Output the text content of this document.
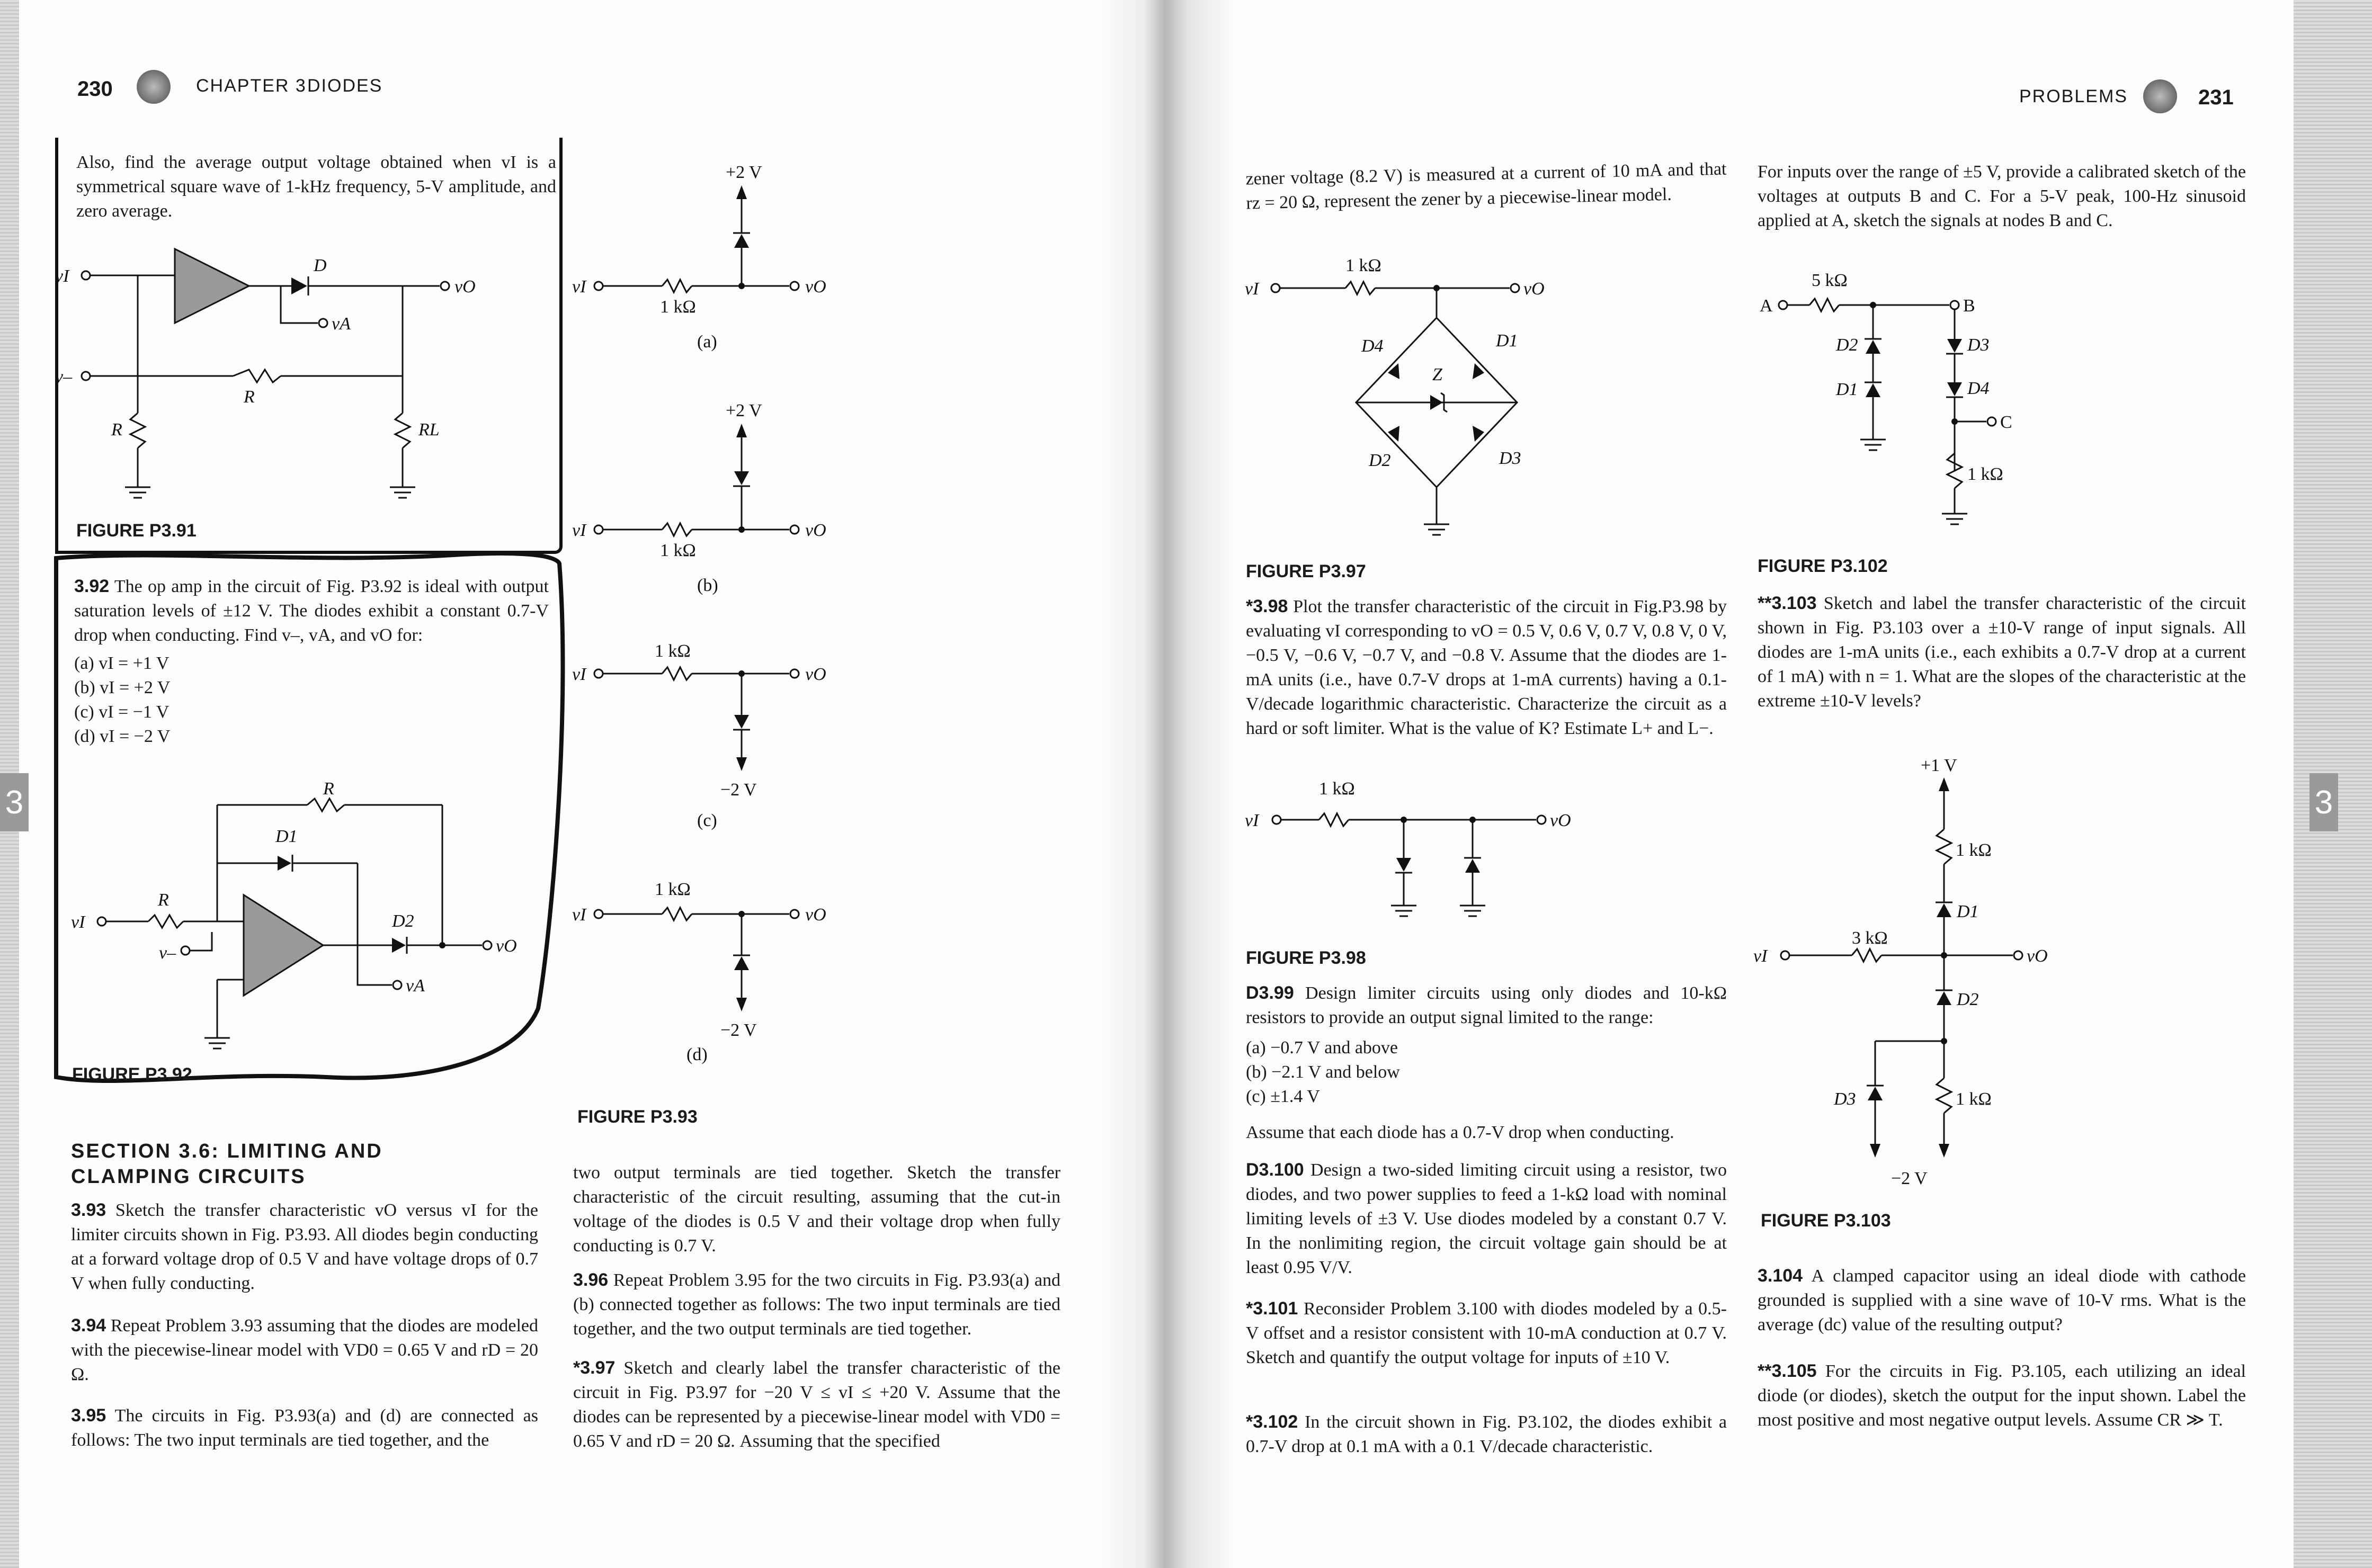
3	3
230	CHAPTER 3 DIODES
Also, find the average output voltage obtained when vI is a symmetrical square wave of 1-kHz frequency, 5-V amplitude, and zero average.
vI
D
vO
vA
v–
R
RL
R
FIGURE P3.91
3.92 The op amp in the circuit of Fig. P3.92 is ideal with output saturation levels of ±12 V. The diodes exhibit a constant 0.7-V drop when conducting. Find v–, vA, and vO for:
(a) vI = +1 V
(b) vI = +2 V
(c) vI = −1 V
(d) vI = −2 V
R
D1
vI
R
v–
vA
D2
vO
FIGURE P3.92
+2 V
vI	vO
1 kΩ
(a)
+2 V
vI	vO
1 kΩ
(b)
1 kΩ
vI	vO
−2 V
(c)
1 kΩ
vI	vO
−2 V
(d)
FIGURE P3.93
SECTION 3.6: LIMITING AND CLAMPING CIRCUITS
3.93 Sketch the transfer characteristic vO versus vI for the limiter circuits shown in Fig. P3.93. All diodes begin conducting at a forward voltage drop of 0.5 V and have voltage drops of 0.7 V when fully conducting.
3.94 Repeat Problem 3.93 assuming that the diodes are modeled with the piecewise-linear model with VD0 = 0.65 V and rD = 20 Ω.
3.95 The circuits in Fig. P3.93(a) and (d) are connected as follows: The two input terminals are tied together, and the
two output terminals are tied together. Sketch the transfer characteristic of the circuit resulting, assuming that the cut-in voltage of the diodes is 0.5 V and their voltage drop when fully conducting is 0.7 V.
3.96 Repeat Problem 3.95 for the two circuits in Fig. P3.93(a) and (b) connected together as follows: The two input terminals are tied together, and the two output terminals are tied together.
*3.97 Sketch and clearly label the transfer characteristic of the circuit in Fig. P3.97 for −20 V ≤ vI ≤ +20 V. Assume that the diodes can be represented by a piecewise-linear model with VD0 = 0.65 V and rD = 20 Ω. Assuming that the specified
PROBLEMS	231
zener voltage (8.2 V) is measured at a current of 10 mA and that rz = 20 Ω, represent the zener by a piecewise-linear model.
1 kΩ
vI	vO
D4	D1
Z
D2	D3
FIGURE P3.97
*3.98 Plot the transfer characteristic of the circuit in Fig.P3.98 by evaluating vI corresponding to vO = 0.5 V, 0.6 V, 0.7 V, 0.8 V, 0 V, −0.5 V, −0.6 V, −0.7 V, and −0.8 V. Assume that the diodes are 1-mA units (i.e., have 0.7-V drops at 1-mA currents) having a 0.1-V/decade logarithmic characteristic. Characterize the circuit as a hard or soft limiter. What is the value of K? Estimate L+ and L−.
1 kΩ
vI	vO
FIGURE P3.98
D3.99 Design limiter circuits using only diodes and 10-kΩ resistors to provide an output signal limited to the range:
(a) −0.7 V and above
(b) −2.1 V and below
(c) ±1.4 V
Assume that each diode has a 0.7-V drop when conducting.
D3.100 Design a two-sided limiting circuit using a resistor, two diodes, and two power supplies to feed a 1-kΩ load with nominal limiting levels of ±3 V. Use diodes modeled by a constant 0.7 V. In the nonlimiting region, the circuit voltage gain should be at least 0.95 V/V.
*3.101 Reconsider Problem 3.100 with diodes modeled by a 0.5-V offset and a resistor consistent with 10-mA conduction at 0.7 V. Sketch and quantify the output voltage for inputs of ±10 V.
*3.102 In the circuit shown in Fig. P3.102, the diodes exhibit a 0.7-V drop at 0.1 mA with a 0.1 V/decade characteristic.
For inputs over the range of ±5 V, provide a calibrated sketch of the voltages at outputs B and C. For a 5-V peak, 100-Hz sinusoid applied at A, sketch the signals at nodes B and C.
5 kΩ
A	B
D2
D1
D3
D4
C
1 kΩ
FIGURE P3.102
**3.103 Sketch and label the transfer characteristic of the circuit shown in Fig. P3.103 over a ±10-V range of input signals. All diodes are 1-mA units (i.e., each exhibits a 0.7-V drop at a current of 1 mA) with n = 1. What are the slopes of the characteristic at the extreme ±10-V levels?
+1 V
1 kΩ
D1
3 kΩ
vI	vO
D2
D3	1 kΩ
−2 V
FIGURE P3.103
3.104 A clamped capacitor using an ideal diode with cathode grounded is supplied with a sine wave of 10-V rms. What is the average (dc) value of the resulting output?
**3.105 For the circuits in Fig. P3.105, each utilizing an ideal diode (or diodes), sketch the output for the input shown. Label the most positive and most negative output levels. Assume CR ≫ T.
